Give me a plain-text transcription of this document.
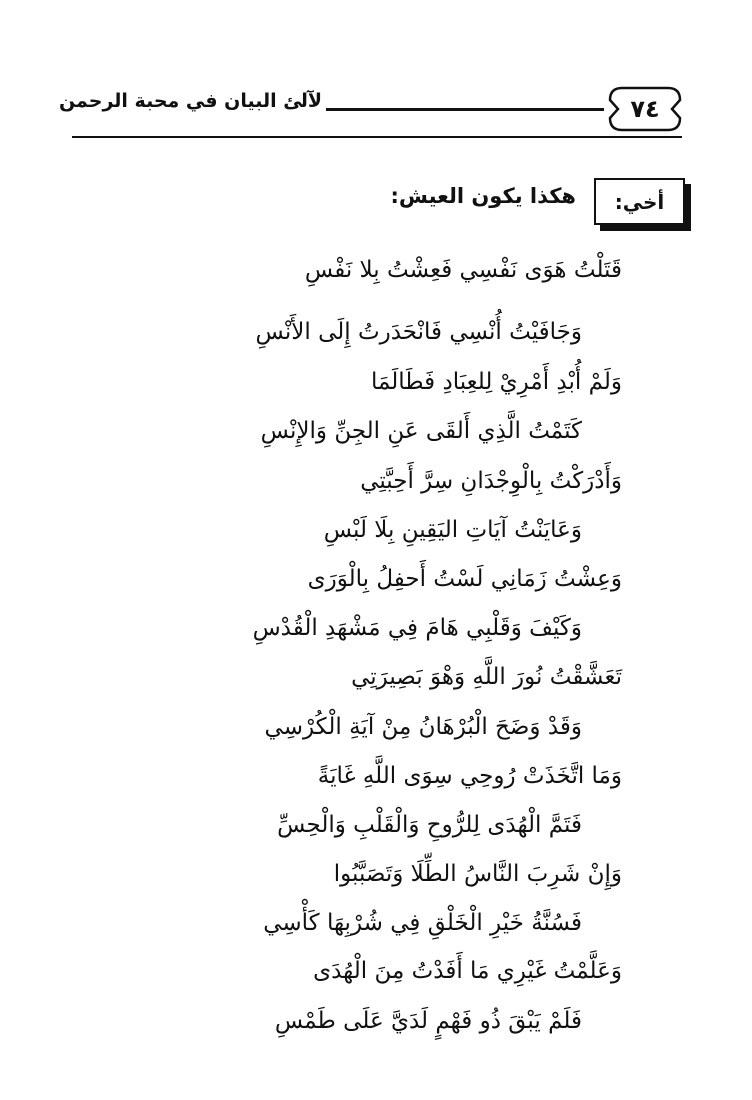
٧٤
لآلئ البيان في محبة الرحمن
أخي:
هكذا يكون العيش:
قَتَلْتُ هَوَى نَفْسِي فَعِشْتُ بِلا نَفْسِ
وَجَافَيْتُ أُنْسِي فَانْحَدَرتُ إِلَى الأَنْسِ
وَلَمْ أُبْدِ أَمْرِيْ لِلعِبَادِ فَطَالَمَا
كَتَمْتُ الَّذِي أَلقَى عَنِ الجِنِّ وَالإِنْسِ
وَأَدْرَكْتُ بِالْوِجْدَانِ سِرَّ أَحِبَّتِي
وَعَايَنْتُ آيَاتِ اليَقِينِ بِلَا لَبْسِ
وَعِشْتُ زَمَانِي لَسْتُ أَحفِلُ بِالْوَرَى
وَكَيْفَ وَقَلْبِي هَامَ فِي مَشْهَدِ الْقُدْسِ
تَعَشَّقْتُ نُورَ اللَّهِ وَهْوَ بَصِيرَتِي
وَقَدْ وَضَحَ الْبُرْهَانُ مِنْ آيَةِ الْكُرْسِي
وَمَا اتَّخَذَتْ رُوحِي سِوَى اللَّهِ غَايَةً
فَتَمَّ الْهُدَى لِلرُّوحِ وَالْقَلْبِ وَالْحِسِّ
وَإِنْ شَرِبَ النَّاسُ الطِّلَا وَتَصَبَّبُوا
فَسُنَّةُ خَيْرِ الْخَلْقِ فِي شُرْبِهَا كَأْسِي
وَعَلَّمْتُ غَيْرِي مَا أَفَدْتُ مِنَ الْهُدَى
فَلَمْ يَبْقَ ذُو فَهْمٍ لَدَيَّ عَلَى طَمْسِ
